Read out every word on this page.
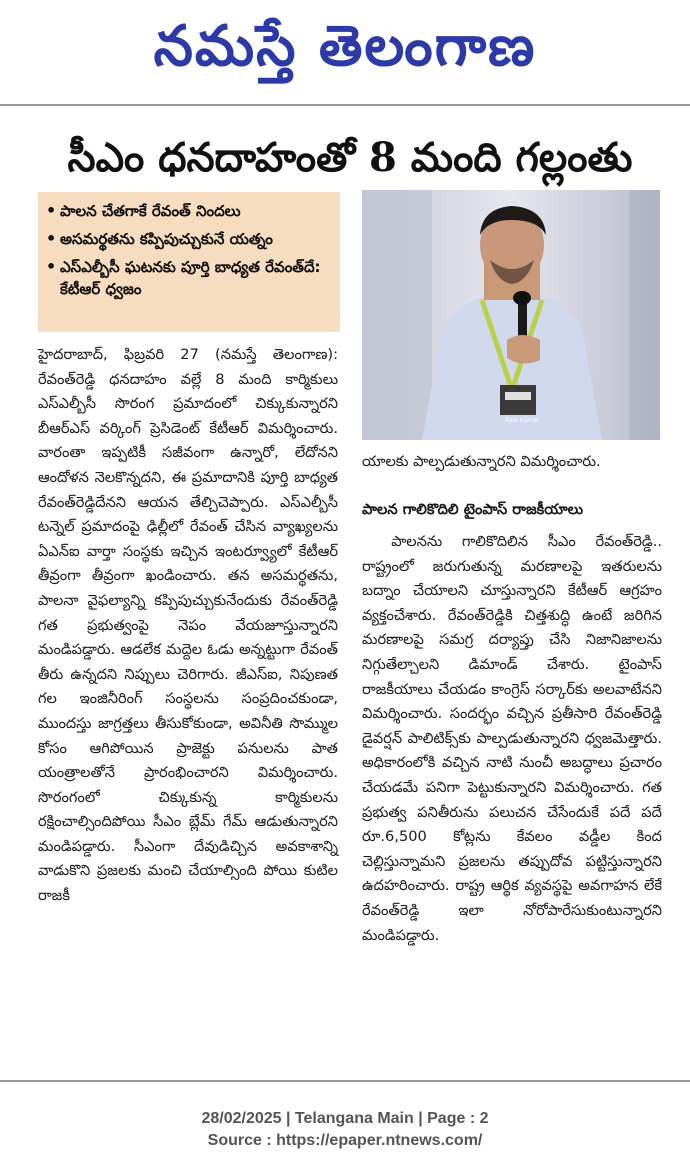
నమస్తే తెలంగాణ
సీఎం ధనదాహంతో 8 మంది గల్లంతు
• పాలన చేతగాకే రేవంత్ నిందలు
• అసమర్థతను కప్పిపుచ్చుకునే యత్నం
• ఎస్ఎల్బీసీ ఘటనకు పూర్తి బాధ్యత రేవంత్‌దే: కేటీఆర్ ధ్వజం
Ravi Kumar

హైదరాబాద్, ఫిబ్రవరి 27 (నమస్తే తెలంగాణ): రేవంత్‌రెడ్డి ధనదాహం వల్లే 8 మంది కార్మికులు ఎస్ఎల్బీసీ సొరంగ ప్రమాదంలో చిక్కుకున్నారని బీఆర్ఎస్ వర్కింగ్ ప్రెసిడెంట్ కేటీఆర్ విమర్శించారు. వారంతా ఇప్పటికీ సజీవంగా ఉన్నారో, లేదోనని ఆందోళన నెలకొన్నదని, ఈ ప్రమాదానికి పూర్తి బాధ్యత రేవంత్‌రెడ్డిదేనని ఆయన తేల్చిచెప్పారు. ఎస్ఎల్బీసీ టన్నెల్ ప్రమాదంపై ఢిల్లీలో రేవంత్ చేసిన వ్యాఖ్యలను ఏఎన్ఐ వార్తా సంస్థకు ఇచ్చిన ఇంటర్వ్యూలో కేటీఆర్ తీవ్రంగా తీవ్రంగా ఖండించారు. తన అసమర్థతను, పాలనా వైఫల్యాన్ని కప్పిపుచ్చుకునేందుకు రేవంత్‌రెడ్డి గత ప్రభుత్వంపై నెపం వేయజూస్తున్నారని మండిపడ్డారు. ఆడలేక మద్దెల ఓడు అన్నట్టుగా రేవంత్ తీరు ఉన్నదని నిప్పులు చెరిగారు. జీఎస్ఐ, నిపుణత గల ఇంజినీరింగ్ సంస్థలను సంప్రదించకుండా, ముందస్తు జాగ్రత్తలు తీసుకోకుండా, అవినీతి సొమ్ముల కోసం ఆగిపోయిన ప్రాజెక్టు పనులను పాత యంత్రాలతోనే ప్రారంభించారని విమర్శించారు. సొరంగంలో చిక్కుకున్న కార్మికులను రక్షించాల్సిందిపోయి సీఎం బ్లేమ్ గేమ్ ఆడుతున్నారని మండిపడ్డారు. సీఎంగా దేవుడిచ్చిన అవకాశాన్ని వాడుకొని ప్రజలకు మంచి చేయాల్సింది పోయి కుటిల రాజకీ

యాలకు పాల్పడుతున్నారని విమర్శించారు.
పాలన గాలికొదిలి టైంపాస్ రాజకీయాలు

పాలనను గాలికొదిలిన సీఎం రేవంత్‌రెడ్డి.. రాష్ట్రంలో జరుగుతున్న మరణాలపై ఇతరులను బద్నాం చేయాలని చూస్తున్నారని కేటీఆర్ ఆగ్రహం వ్యక్తంచేశారు. రేవంత్‌రెడ్డికి చిత్తశుద్ధి ఉంటే జరిగిన మరణాలపై సమగ్ర దర్యాప్తు చేసి నిజానిజాలను నిగ్గుతేల్చాలని డిమాండ్ చేశారు. టైంపాస్ రాజకీయాలు చేయడం కాంగ్రెస్ సర్కార్‌కు అలవాటేనని విమర్శించారు. సందర్భం వచ్చిన ప్రతీసారి రేవంత్‌రెడ్డి డైవర్షన్ పాలిటిక్స్‌కు పాల్పడుతున్నారని ధ్వజమెత్తారు. అధికారంలోకి వచ్చిన నాటి నుంచీ అబద్ధాలు ప్రచారం చేయడమే పనిగా పెట్టుకున్నారని విమర్శించారు. గత ప్రభుత్వ పనితీరును పలుచన చేసేందుకే పదే పదే రూ.6,500 కోట్లను కేవలం వడ్డీల కింద చెల్లిస్తున్నామని ప్రజలను తప్పుదోవ పట్టిస్తున్నారని ఉదహరించారు. రాష్ట్ర ఆర్థిక వ్యవస్థపై అవగాహన లేకే రేవంత్‌రెడ్డి ఇలా నోరోపారేసుకుంటున్నారని మండిపడ్డారు.

28/02/2025 | Telangana Main | Page : 2
Source : https://epaper.ntnews.com/
